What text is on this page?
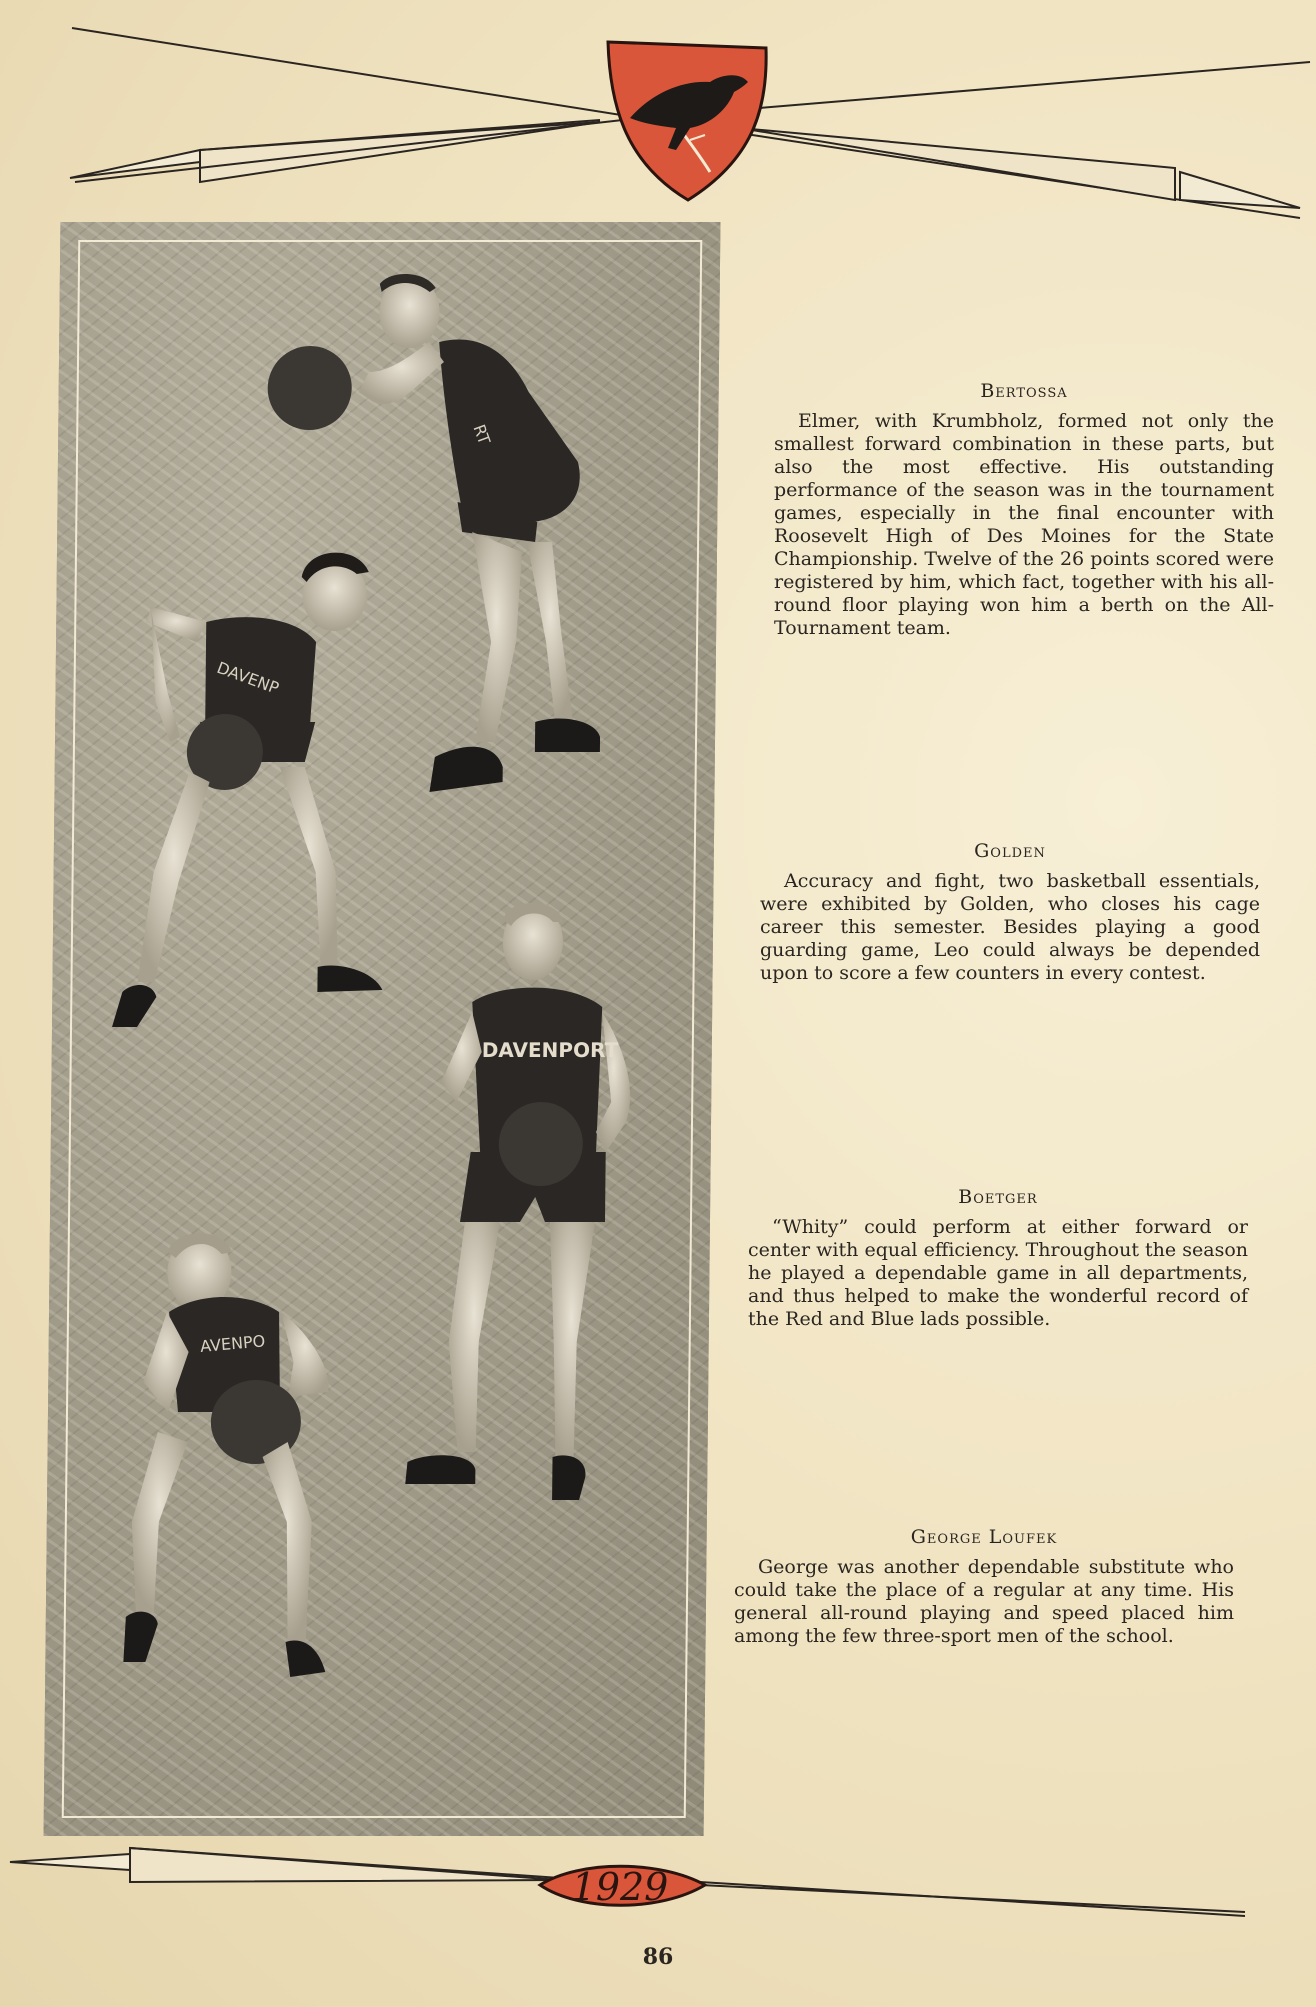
RT
DAVENP
DAVENPORT
AVENPO
Bertossa

Elmer, with Krumbholz, formed not only the smallest forward combination in these parts, but also the most effective. His outstanding performance of the season was in the tournament games, especially in the final encounter with Roosevelt High of Des Moines for the State Championship. Twelve of the 26 points scored were registered by him, which fact, together with his all-round floor playing won him a berth on the All-Tournament team.

Golden

Accuracy and fight, two basketball essentials, were exhibited by Golden, who closes his cage career this semester. Besides playing a good guarding game, Leo could always be depended upon to score a few counters in every contest.

Boetger

“Whity” could perform at either forward or center with equal efficiency. Throughout the season he played a dependable game in all departments, and thus helped to make the wonderful record of the Red and Blue lads possible.

George Loufek

George was another dependable substitute who could take the place of a regular at any time. His general all-round playing and speed placed him among the few three-sport men of the school.

1929
86
